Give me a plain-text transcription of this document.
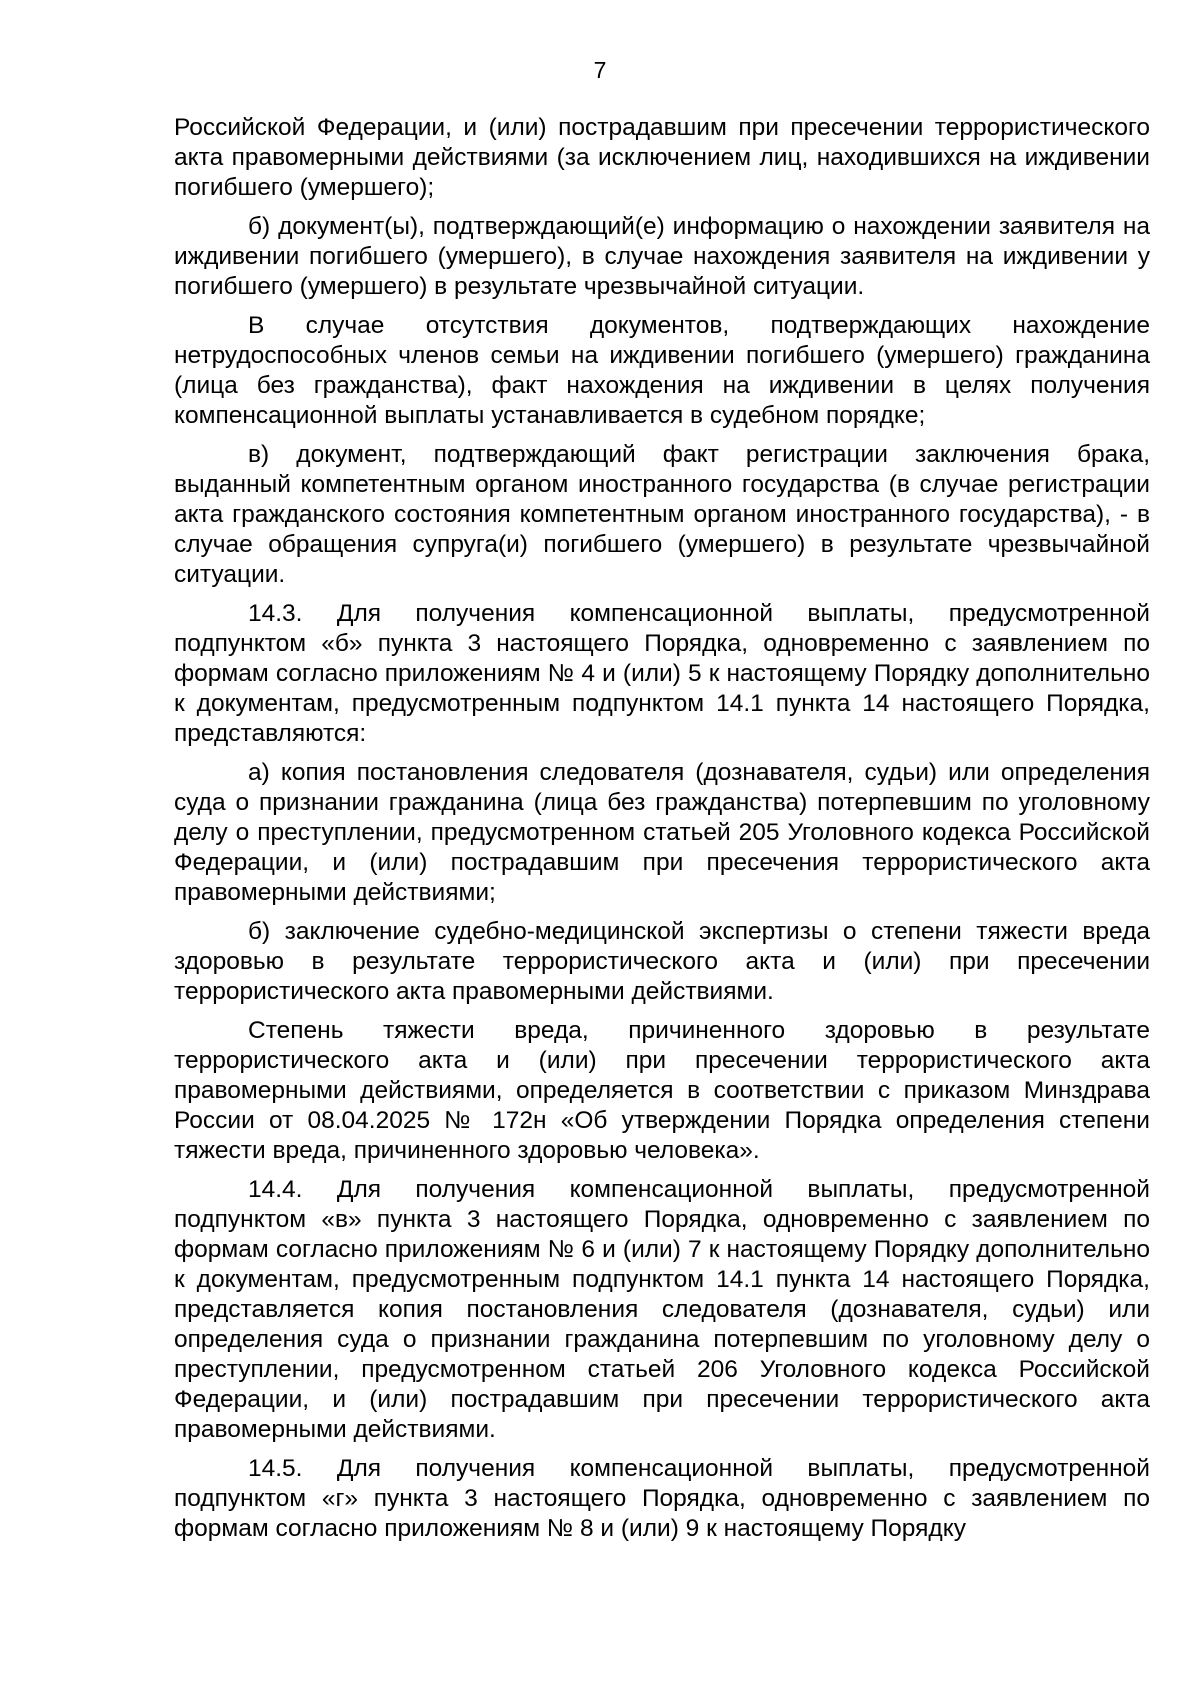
7

Российской Федерации, и (или) пострадавшим при пресечении террористического акта правомерными действиями (за исключением лиц, находившихся на иждивении погибшего (умершего);

б) документ(ы), подтверждающий(е) информацию о нахождении заявителя на иждивении погибшего (умершего), в случае нахождения заявителя на иждивении у погибшего (умершего) в результате чрезвычайной ситуации.

В случае отсутствия документов, подтверждающих нахождение нетрудоспособных членов семьи на иждивении погибшего (умершего) гражданина (лица без гражданства), факт нахождения на иждивении в целях получения компенсационной выплаты устанавливается в судебном порядке;

в) документ, подтверждающий факт регистрации заключения брака, выданный компетентным органом иностранного государства (в случае регистрации акта гражданского состояния компетентным органом иностранного государства), - в случае обращения супруга(и) погибшего (умершего) в результате чрезвычайной ситуации.

14.3. Для получения компенсационной выплаты, предусмотренной подпунктом «б» пункта 3 настоящего Порядка, одновременно с заявлением по формам согласно приложениям № 4 и (или) 5 к настоящему Порядку дополнительно к документам, предусмотренным подпунктом 14.1 пункта 14 настоящего Порядка, представляются:

а) копия постановления следователя (дознавателя, судьи) или определения суда о признании гражданина (лица без гражданства) потерпевшим по уголовному делу о преступлении, предусмотренном статьей 205 Уголовного кодекса Российской Федерации, и (или) пострадавшим при пресечения террористического акта правомерными действиями;

б) заключение судебно-медицинской экспертизы о степени тяжести вреда здоровью в результате террористического акта и (или) при пресечении террористического акта правомерными действиями.

Степень тяжести вреда, причиненного здоровью в результате террористического акта и (или) при пресечении террористического акта правомерными действиями, определяется в соответствии с приказом Минздрава России от 08.04.2025 № 172н «Об утверждении Порядка определения степени тяжести вреда, причиненного здоровью человека».

14.4. Для получения компенсационной выплаты, предусмотренной подпунктом «в» пункта 3 настоящего Порядка, одновременно с заявлением по формам согласно приложениям № 6 и (или) 7 к настоящему Порядку дополнительно к документам, предусмотренным подпунктом 14.1 пункта 14 настоящего Порядка, представляется копия постановления следователя (дознавателя, судьи) или определения суда о признании гражданина потерпевшим по уголовному делу о преступлении, предусмотренном статьей 206 Уголовного кодекса Российской Федерации, и (или) пострадавшим при пресечении террористического акта правомерными действиями.

14.5. Для получения компенсационной выплаты, предусмотренной подпунктом «г» пункта 3 настоящего Порядка, одновременно с заявлением по формам согласно приложениям № 8 и (или) 9 к настоящему Порядку
